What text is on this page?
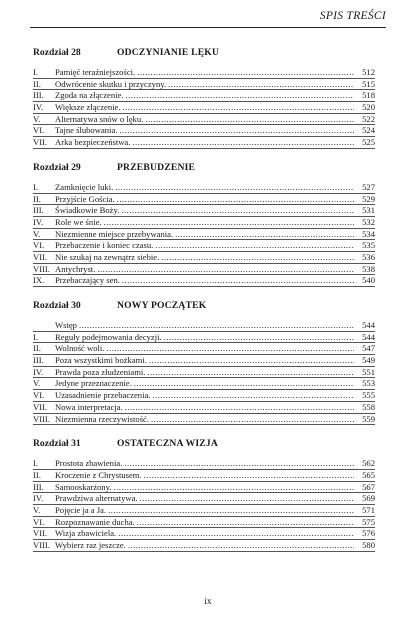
SPIS TREŚCI
Rozdział 28	ODCZYNIANIE LĘKU
I.	Pamięć teraźniejszości. .....	512
II.	Odwrócenie skutku i przyczyny. .....	515
III.	Zgoda na złączenie. .....	518
IV.	Większe złączenie. .....	520
V.	Alternatywa snów o lęku. .....	522
VI.	Tajne ślubowania. .....	524
VII. Arka bezpieczeństwa. .....	525
Rozdział 29	PRZEBUDZENIE
I.	Zamknięcie luki. .....	527
II.	Przyjście Gościa. .....	529
III.	Świadkowie Boży. .....	531
IV.	Role we śnie. .....	532
V.	Niezmienne miejsce przebywania. .....	534
VI.	Przebaczenie i koniec czasu. .....	535
VII. Nie szukaj na zewnątrz siebie. .....	536
VIII. Antychryst. .....	538
IX.	Przebaczający sen. .....	540
Rozdział 30	NOWY POCZĄTEK
Wstęp .....	544
I.	Reguły podejmowania decyzji. .....	544
II.	Wolność woli. .....	547
III.	Poza wszystkimi bożkami. .....	549
IV.	Prawda poza złudzeniami. .....	551
V.	Jedyne przeznaczenie. .....	553
VI.	Uzasadnienie przebaczenia. .....	555
VII. Nowa interpretacja. .....	558
VIII. Niezmienna rzeczywistość. .....	559
Rozdział 31	OSTATECZNA WIZJA
I.	Prostota zbawienia. .....	562
II.	Kroczenie z Chrystusem. .....	565
III.	Samooskarżony. .....	567
IV.	Prawdziwa alternatywa. .....	569
V.	Pojęcie ja a Ja. .....	571
VI.	Rozpoznawanie ducha. .....	575
VII. Wizja zbawiciela. .....	576
VIII. Wybierz raz jeszcze. .....	580
ix
